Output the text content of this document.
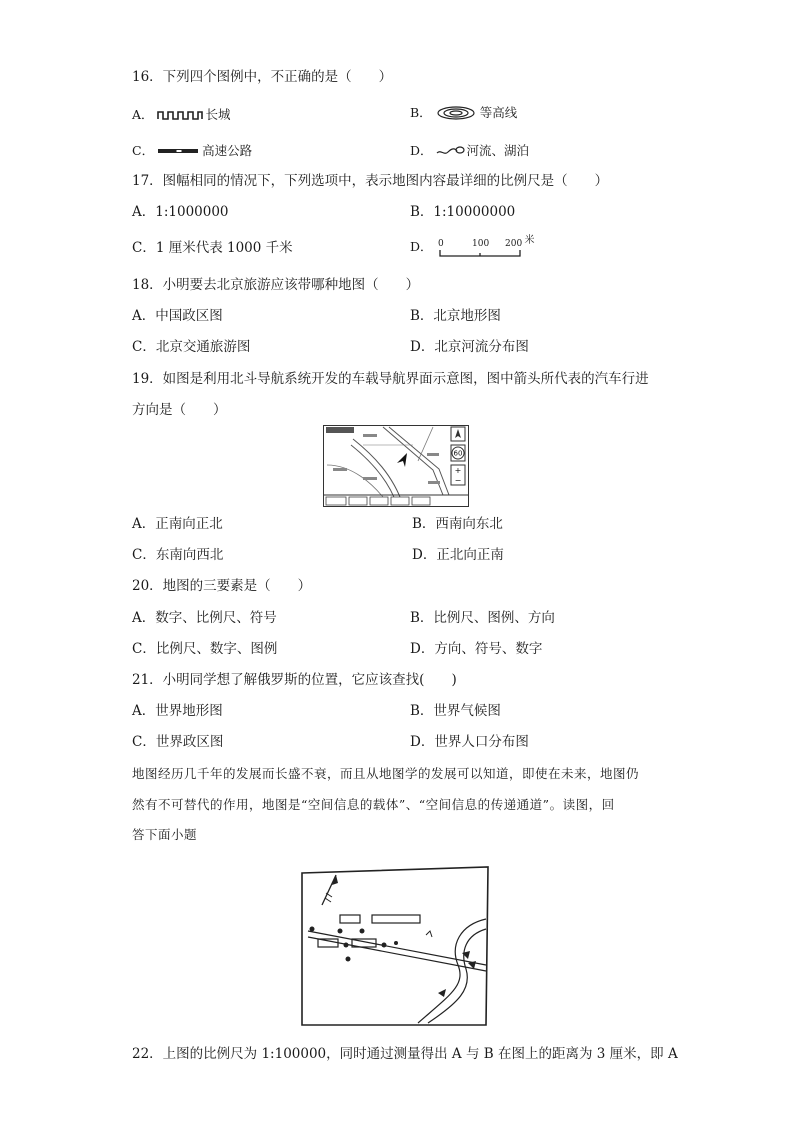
16．下列四个图例中，不正确的是（　　）
A．	长城	B．	等高线
C．	高速公路	D．	河流、湖泊
17．图幅相同的情况下，下列选项中，表示地图内容最详细的比例尺是（　　）
A．1:1000000	B．1:10000000
C．1 厘米代表 1000 千米	D． 0	100 200 米
18．小明要去北京旅游应该带哪种地图（　　）
A．中国政区图	B．北京地形图
C．北京交通旅游图	D．北京河流分布图
19．如图是利用北斗导航系统开发的车载导航界面示意图，图中箭头所代表的汽车行进
方向是（　　）
60
+
−
A．正南向正北	B．西南向东北
C．东南向西北	D．正北向正南
20．地图的三要素是（　　）
A．数字、比例尺、符号	B．比例尺、图例、方向
C．比例尺、数字、图例	D．方向、符号、数字
21．小明同学想了解俄罗斯的位置，它应该查找(　　)
A．世界地形图	B．世界气候图
C．世界政区图	D．世界人口分布图
地图经历几千年的发展而长盛不衰，而且从地图学的发展可以知道，即使在未来，地图仍
然有不可替代的作用，地图是“空间信息的载体”、“空间信息的传递通道”。读图，回
答下面小题
22．上图的比例尺为 1:100000，同时通过测量得出 A 与 B 在图上的距离为 3 厘米，即 A
